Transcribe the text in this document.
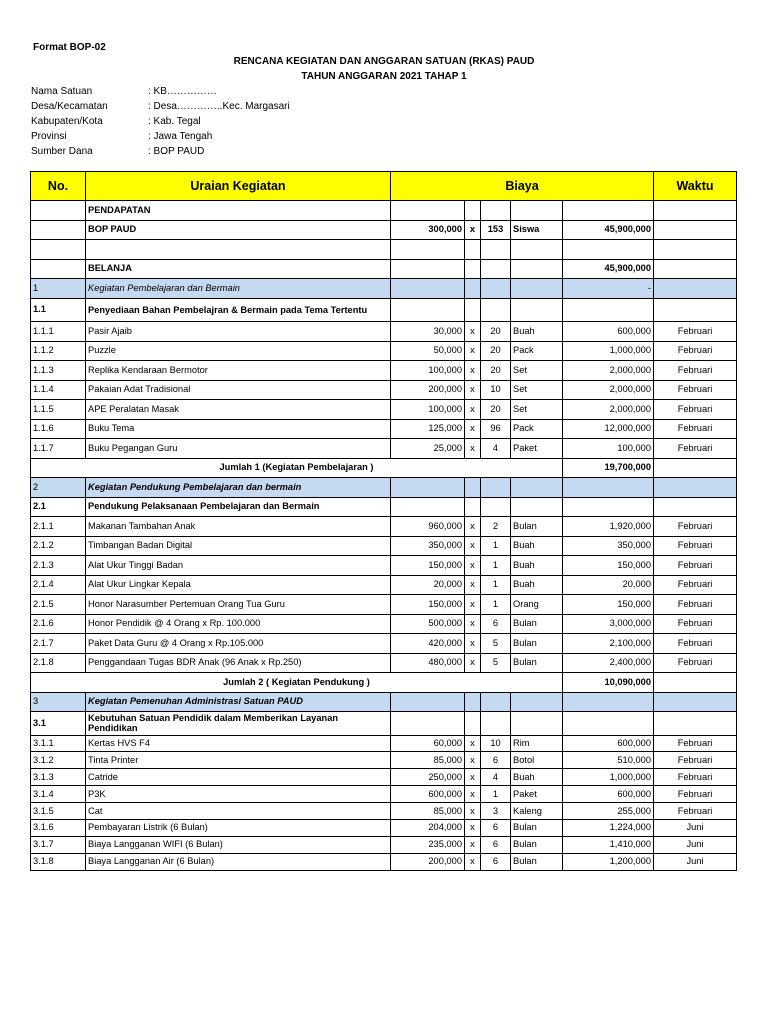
Format BOP-02
RENCANA KEGIATAN DAN ANGGARAN SATUAN (RKAS) PAUD
TAHUN ANGGARAN 2021 TAHAP 1
Nama Satuan	: KB……………
Desa/Kecamatan	: Desa…………..Kec. Margasari
Kabupaten/Kota	: Kab. Tegal
Provinsi	: Jawa Tengah
Sumber Dana	: BOP PAUD
No.	Uraian Kegiatan	Biaya					Waktu
	PENDAPATAN						
	BOP PAUD	300,000	x	153	Siswa	45,900,000	

	BELANJA					45,900,000	
1	Kegiatan Pembelajaran dan Bermain					-	
1.1	Penyediaan Bahan Pembelajran & Bermain pada Tema Tertentu						
1.1.1	Pasir Ajaib	30,000	x	20	Buah	600,000	Februari
1.1.2	Puzzle	50,000	x	20	Pack	1,000,000	Februari
1.1.3	Replika Kendaraan Bermotor	100,000	x	20	Set	2,000,000	Februari
1.1.4	Pakaian Adat Tradisional	200,000	x	10	Set	2,000,000	Februari
1.1.5	APE Peralatan Masak	100,000	x	20	Set	2,000,000	Februari
1.1.6	Buku Tema	125,000	x	96	Pack	12,000,000	Februari
1.1.7	Buku Pegangan Guru	25,000	x	4	Paket	100,000	Februari
Jumlah 1 (Kegiatan Pembelajaran )						19,700,000	
2	Kegiatan Pendukung Pembelajaran dan bermain						
2.1	Pendukung Pelaksanaan Pembelajaran dan Bermain						
2.1.1	Makanan Tambahan Anak	960,000	x	2	Bulan	1,920,000	Februari
2.1.2	Timbangan Badan Digital	350,000	x	1	Buah	350,000	Februari
2.1.3	Alat Ukur Tinggi Badan	150,000	x	1	Buah	150,000	Februari
2.1.4	Alat Ukur Lingkar Kepala	20,000	x	1	Buah	20,000	Februari
2.1.5	Honor Narasumber Pertemuan Orang Tua Guru	150,000	x	1	Orang	150,000	Februari
2.1.6	Honor Pendidik @ 4 Orang x Rp. 100.000	500,000	x	6	Bulan	3,000,000	Februari
2.1.7	Paket Data Guru @ 4 Orang x Rp.105.000	420,000	x	5	Bulan	2,100,000	Februari
2.1.8	Penggandaan Tugas BDR Anak (96 Anak x Rp.250)	480,000	x	5	Bulan	2,400,000	Februari
Jumlah 2 ( Kegiatan Pendukung )						10,090,000	
3	Kegiatan Pemenuhan Administrasi Satuan PAUD						
3.1	Kebutuhan Satuan Pendidik dalam Memberikan Layanan Pendidikan						
3.1.1	Kertas HVS F4	60,000	x	10	Rim	600,000	Februari
3.1.2	Tinta Printer	85,000	x	6	Botol	510,000	Februari
3.1.3	Catride	250,000	x	4	Buah	1,000,000	Februari
3.1.4	P3K	600,000	x	1	Paket	600,000	Februari
3.1.5	Cat	85,000	x	3	Kaleng	255,000	Februari
3.1.6	Pembayaran Listrik (6 Bulan)	204,000	x	6	Bulan	1,224,000	Juni
3.1.7	Biaya Langganan WIFI (6 Bulan)	235,000	x	6	Bulan	1,410,000	Juni
3.1.8	Biaya Langganan Air (6 Bulan)	200,000	x	6	Bulan	1,200,000	Juni
